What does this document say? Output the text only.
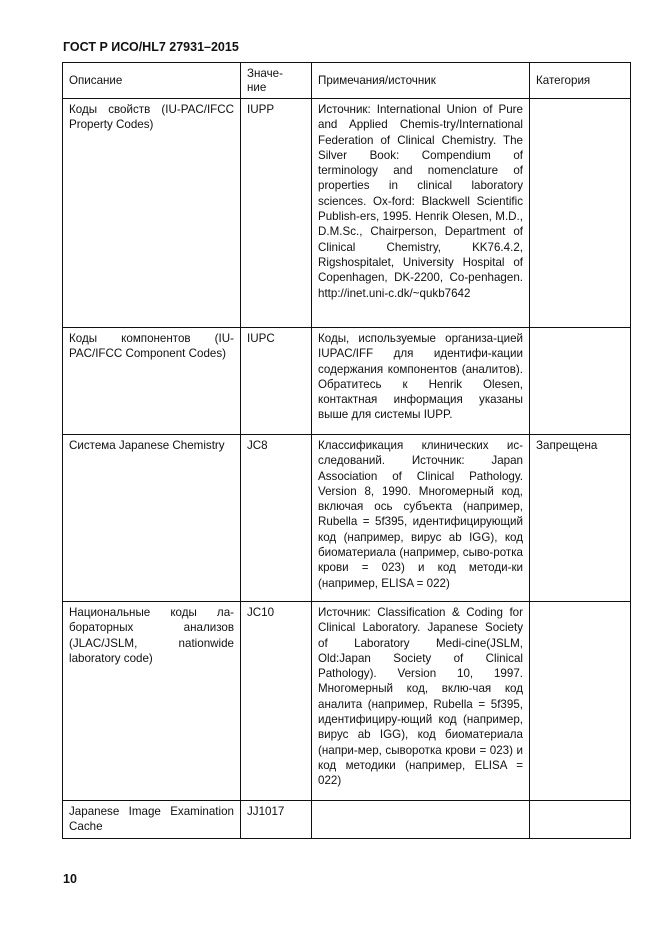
ГОСТ Р ИСО/HL7 27931–2015
Описание	Значе-ние	Примечания/источник	Категория
Коды свойств (IU-PAC/IFCC Property Codes)	IUPP	Источник: International Union of Pure and Applied Chemis-try/International Federation of Clinical Chemistry. The Silver Book: Compendium of terminology and nomenclature of properties in clinical laboratory sciences. Ox-ford: Blackwell Scientific Publish-ers, 1995. Henrik Olesen, M.D., D.M.Sc., Chairperson, Department of Clinical Chemistry, KK76.4.2, Rigshospitalet, University Hospital of Copenhagen, DK-2200, Co-penhagen. http://inet.uni-c.dk/~qukb7642	
Коды компонентов (IU-PAC/IFCC Component Codes)	IUPC	Коды, используемые организа-цией IUPAC/IFF для идентифи-кации содержания компонентов (аналитов). Обратитесь к Henrik Olesen, контактная информация указаны выше для системы IUPP.	
Система Japanese Chemistry	JC8	Классификация клинических ис-следований. Источник: Japan Association of Clinical Pathology. Version 8, 1990. Многомерный код, включая ось субъекта (например, Rubella = 5f395, идентифицирующий код (например, вирус ab IGG), код биоматериала (например, сыво-ротка крови = 023) и код методи-ки (например, ELISA = 022)	Запрещена
Национальные коды ла-бораторных анализов (JLAC/JSLM, nationwide laboratory code)	JC10	Источник: Classification & Coding for Clinical Laboratory. Japanese Society of Laboratory Medi-cine(JSLM, Old:Japan Society of Clinical Pathology). Version 10, 1997. Многомерный код, вклю-чая код аналита (например, Rubella = 5f395, идентифициру-ющий код (например, вирус ab IGG), код биоматериала (напри-мер, сыворотка крови = 023) и код методики (например, ELISA = 022)	
Japanese Image Examination Cache	JJ1017		
10
